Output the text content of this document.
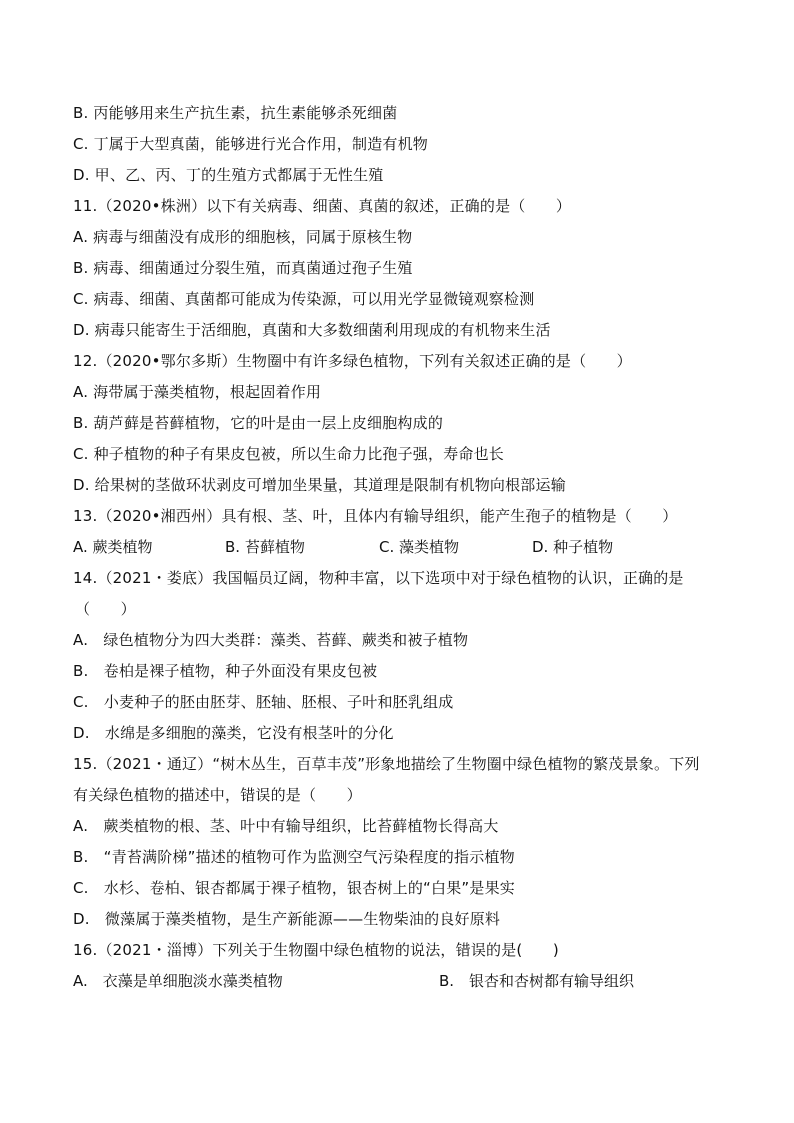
B. 丙能够用来生产抗生素，抗生素能够杀死细菌
C. 丁属于大型真菌，能够进行光合作用，制造有机物
D. 甲、乙、丙、丁的生殖方式都属于无性生殖
11.（2020•株洲）以下有关病毒、细菌、真菌的叙述，正确的是（　　）
A. 病毒与细菌没有成形的细胞核，同属于原核生物
B. 病毒、细菌通过分裂生殖，而真菌通过孢子生殖
C. 病毒、细菌、真菌都可能成为传染源，可以用光学显微镜观察检测
D. 病毒只能寄生于活细胞，真菌和大多数细菌利用现成的有机物来生活
12.（2020•鄂尔多斯）生物圈中有许多绿色植物，下列有关叙述正确的是（　　）
A. 海带属于藻类植物，根起固着作用
B. 葫芦藓是苔藓植物，它的叶是由一层上皮细胞构成的
C. 种子植物的种子有果皮包被，所以生命力比孢子强，寿命也长
D. 给果树的茎做环状剥皮可增加坐果量，其道理是限制有机物向根部运输
13.（2020•湘西州）具有根、茎、叶，且体内有输导组织，能产生孢子的植物是（　　）
A. 蕨类植物	B. 苔藓植物	C. 藻类植物	D. 种子植物
14.（2021・娄底）我国幅员辽阔，物种丰富，以下选项中对于绿色植物的认识，正确的是
（　　）
A.　绿色植物分为四大类群：藻类、苔藓、蕨类和被子植物
B.　卷柏是裸子植物，种子外面没有果皮包被
C.　小麦种子的胚由胚芽、胚轴、胚根、子叶和胚乳组成
D.　水绵是多细胞的藻类，它没有根茎叶的分化
15.（2021・通辽）“树木丛生，百草丰茂”形象地描绘了生物圈中绿色植物的繁茂景象。下列
有关绿色植物的描述中，错误的是（　　）
A.　蕨类植物的根、茎、叶中有输导组织，比苔藓植物长得高大
B.　“青苔满阶梯”描述的植物可作为监测空气污染程度的指示植物
C.　水杉、卷柏、银杏都属于裸子植物，银杏树上的“白果”是果实
D.　微藻属于藻类植物，是生产新能源——生物柴油的良好原料
16.（2021・淄博）下列关于生物圈中绿色植物的说法，错误的是(　　)
A.　衣藻是单细胞淡水藻类植物	B.　银杏和杏树都有输导组织
